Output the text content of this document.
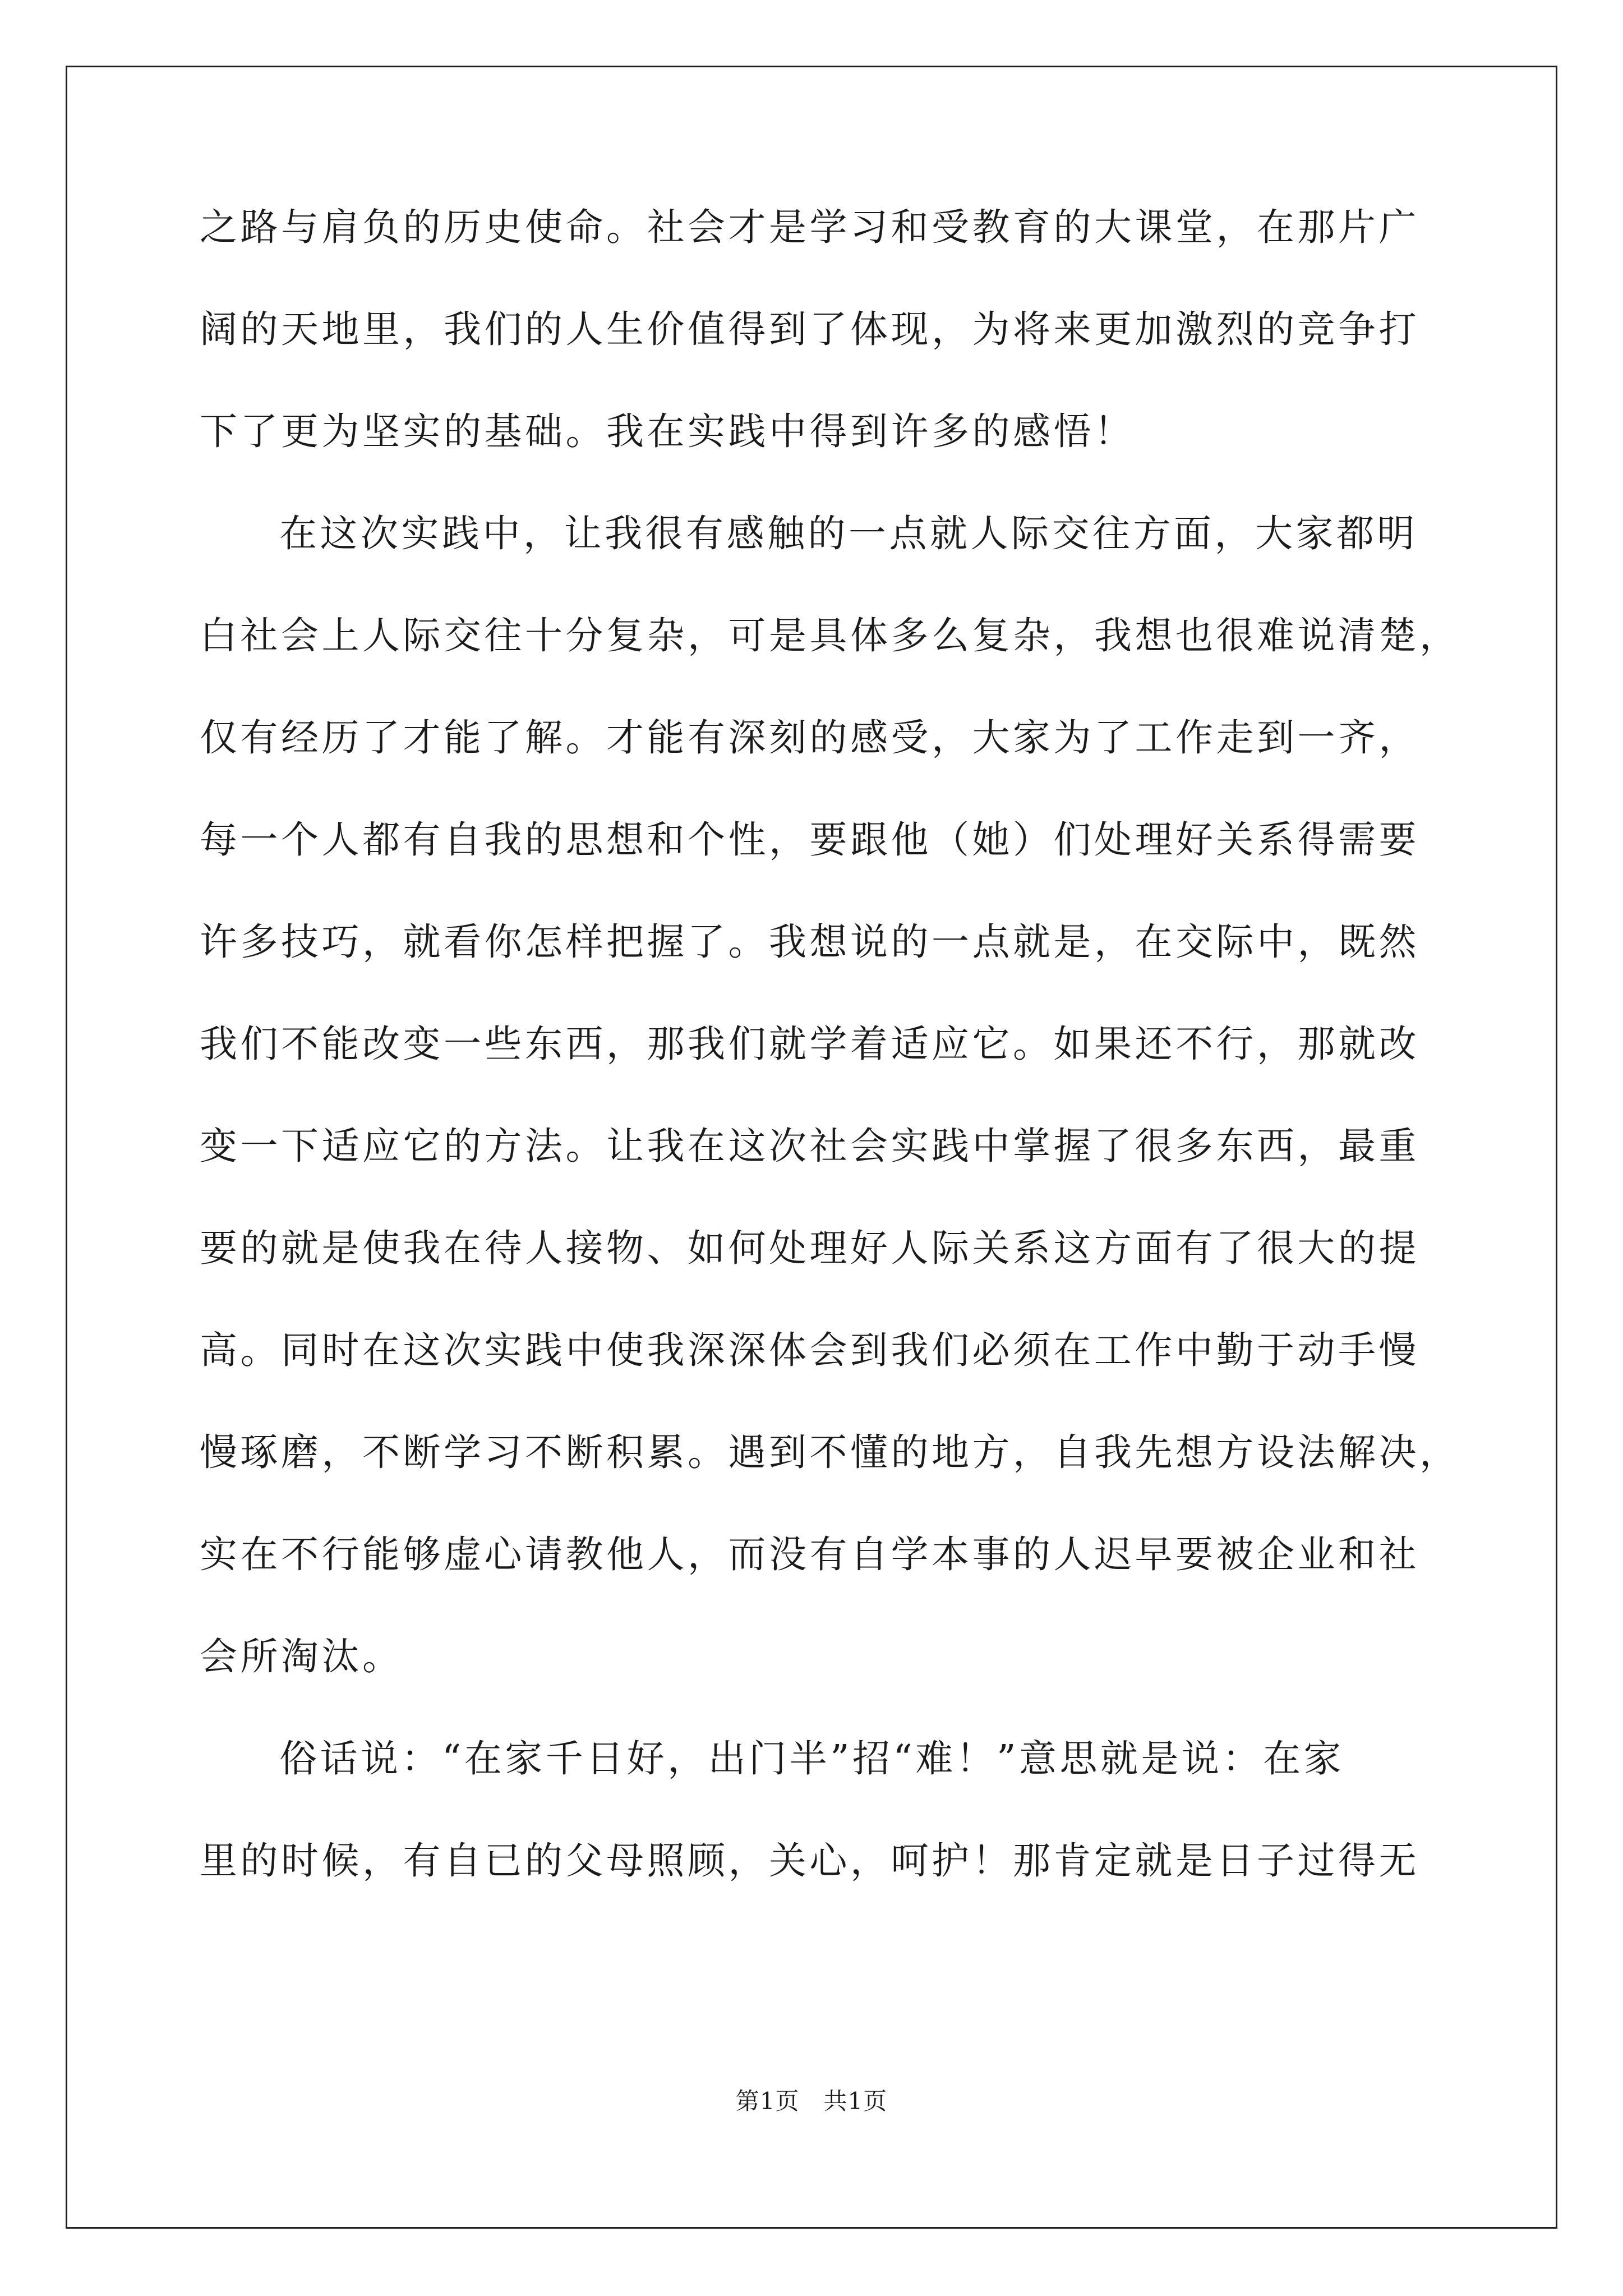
之路与肩负的历史使命。社会才是学习和受教育的大课堂，在那片广
阔的天地里，我们的人生价值得到了体现，为将来更加激烈的竞争打
下了更为坚实的基础。我在实践中得到许多的感悟！
在这次实践中，让我很有感触的一点就人际交往方面，大家都明
白社会上人际交往十分复杂，可是具体多么复杂，我想也很难说清楚，
仅有经历了才能了解。才能有深刻的感受，大家为了工作走到一齐，
每一个人都有自我的思想和个性，要跟他（她）们处理好关系得需要
许多技巧，就看你怎样把握了。我想说的一点就是，在交际中，既然
我们不能改变一些东西，那我们就学着适应它。如果还不行，那就改
变一下适应它的方法。让我在这次社会实践中掌握了很多东西，最重
要的就是使我在待人接物、如何处理好人际关系这方面有了很大的提
高。同时在这次实践中使我深深体会到我们必须在工作中勤于动手慢
慢琢磨，不断学习不断积累。遇到不懂的地方，自我先想方设法解决，
实在不行能够虚心请教他人，而没有自学本事的人迟早要被企业和社
会所淘汰。
俗话说：“在家千日好，出门半”招“难！”意思就是说：在家
里的时候，有自已的父母照顾，关心，呵护！那肯定就是日子过得无
第1页　共1页
